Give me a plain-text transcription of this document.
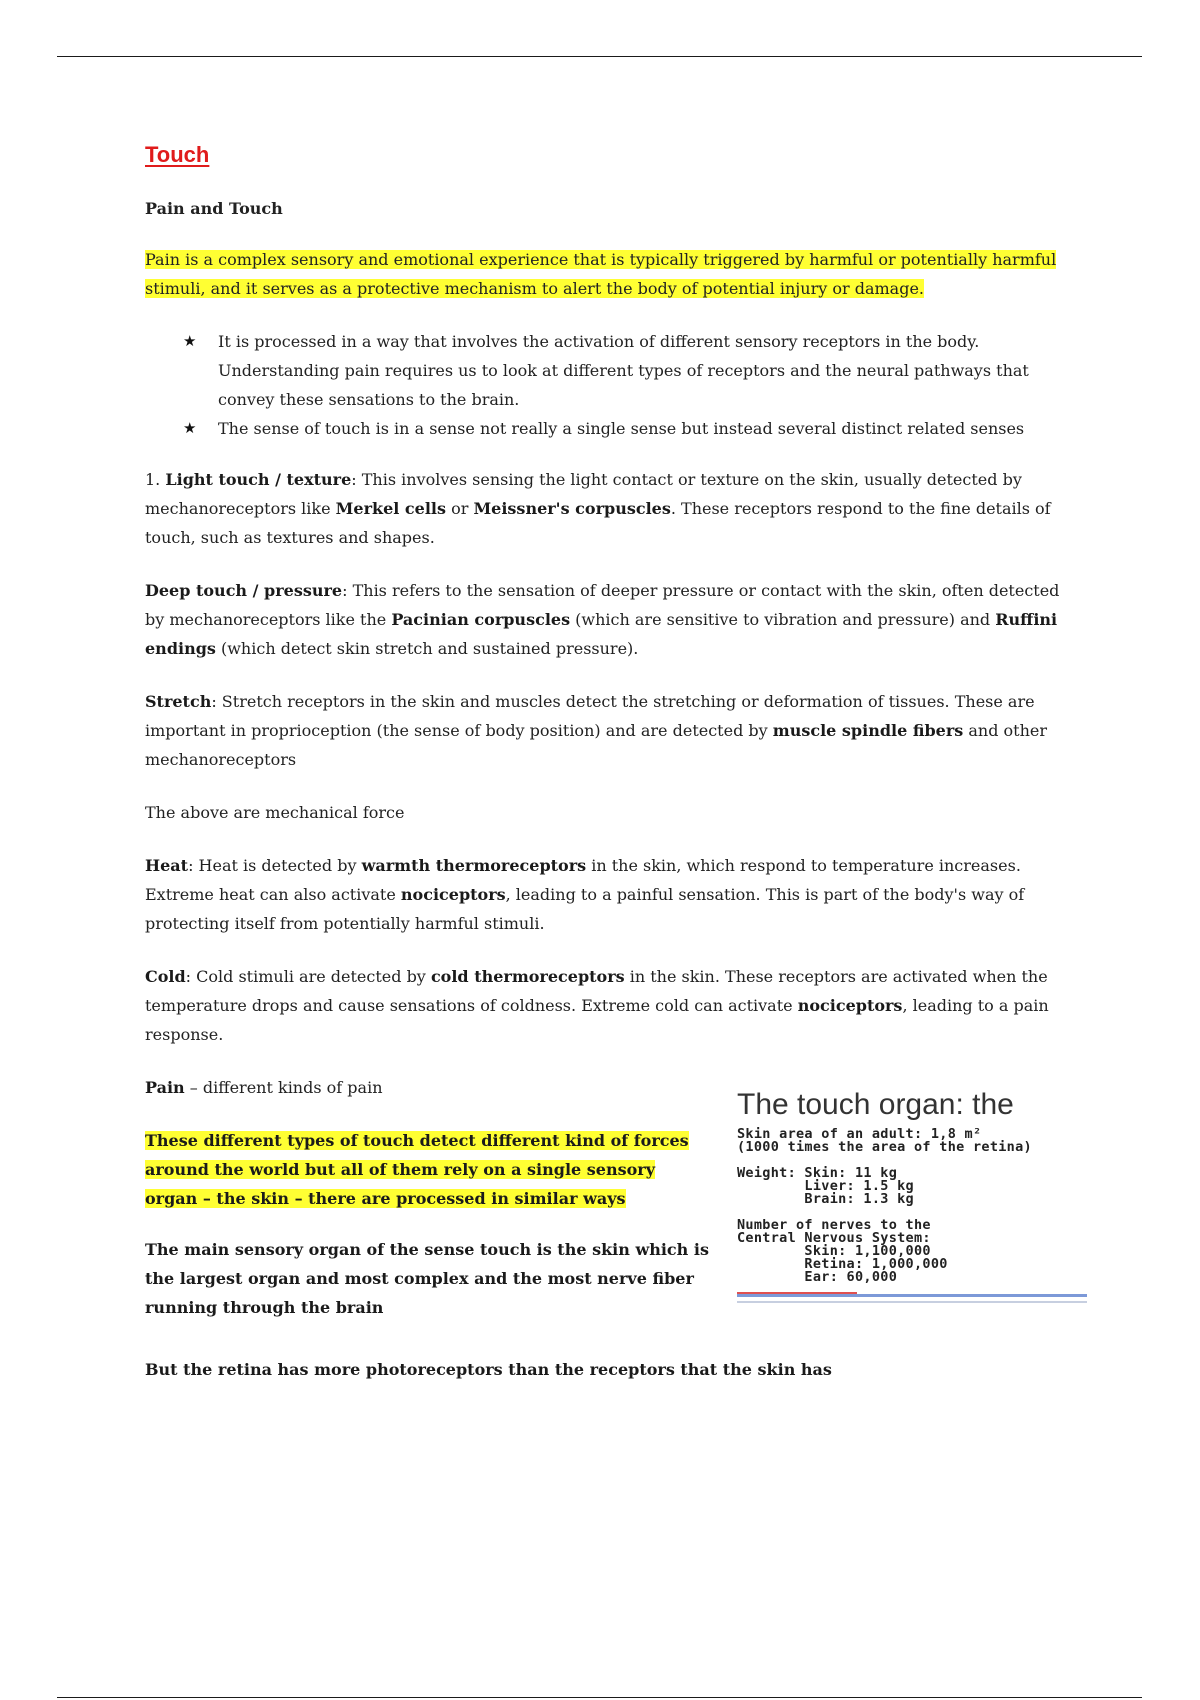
Touch
Pain and Touch

Pain is a complex sensory and emotional experience that is typically triggered by harmful or potentially harmful stimuli, and it serves as a protective mechanism to alert the body of potential injury or damage.

★ It is processed in a way that involves the activation of different sensory receptors in the body. Understanding pain requires us to look at different types of receptors and the neural pathways that convey these sensations to the brain.
★ The sense of touch is in a sense not really a single sense but instead several distinct related senses

1. Light touch / texture: This involves sensing the light contact or texture on the skin, usually detected by mechanoreceptors like Merkel cells or Meissner's corpuscles. These receptors respond to the fine details of touch, such as textures and shapes.

Deep touch / pressure: This refers to the sensation of deeper pressure or contact with the skin, often detected by mechanoreceptors like the Pacinian corpuscles (which are sensitive to vibration and pressure) and Ruffini endings (which detect skin stretch and sustained pressure).

Stretch: Stretch receptors in the skin and muscles detect the stretching or deformation of tissues. These are important in proprioception (the sense of body position) and are detected by muscle spindle fibers and other mechanoreceptors

The above are mechanical force

Heat: Heat is detected by warmth thermoreceptors in the skin, which respond to temperature increases. Extreme heat can also activate nociceptors, leading to a painful sensation. This is part of the body's way of protecting itself from potentially harmful stimuli.

Cold: Cold stimuli are detected by cold thermoreceptors in the skin. These receptors are activated when the temperature drops and cause sensations of coldness. Extreme cold can activate nociceptors, leading to a pain response.

Pain – different kinds of pain

These different types of touch detect different kind of forces around the world but all of them rely on a single sensory organ – the skin – there are processed in similar ways

The main sensory organ of the sense touch is the skin which is the largest organ and most complex and the most nerve fiber running through the brain

The touch organ: the
Skin area of an adult: 1,8 m²
(1000 times the area of the retina)
Weight: Skin: 11 kg
Liver: 1.5 kg
Brain: 1.3 kg
Number of nerves to the
Central Nervous System:
Skin: 1,100,000
Retina: 1,000,000
Ear: 60,000

But the retina has more photoreceptors than the receptors that the skin has
